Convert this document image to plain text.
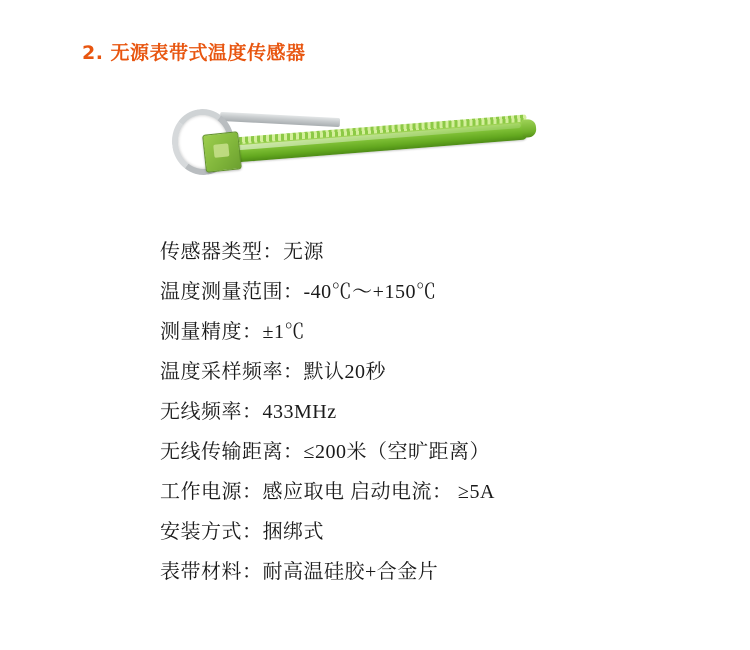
2. 无源表带式温度传感器
传感器类型：无源
温度测量范围：-40℃～+150℃
测量精度：±1℃
温度采样频率：默认20秒
无线频率：433MHz
无线传输距离：≤200米（空旷距离）
工作电源：感应取电 启动电流： ≥5A
安装方式：捆绑式
表带材料：耐高温硅胶+合金片
